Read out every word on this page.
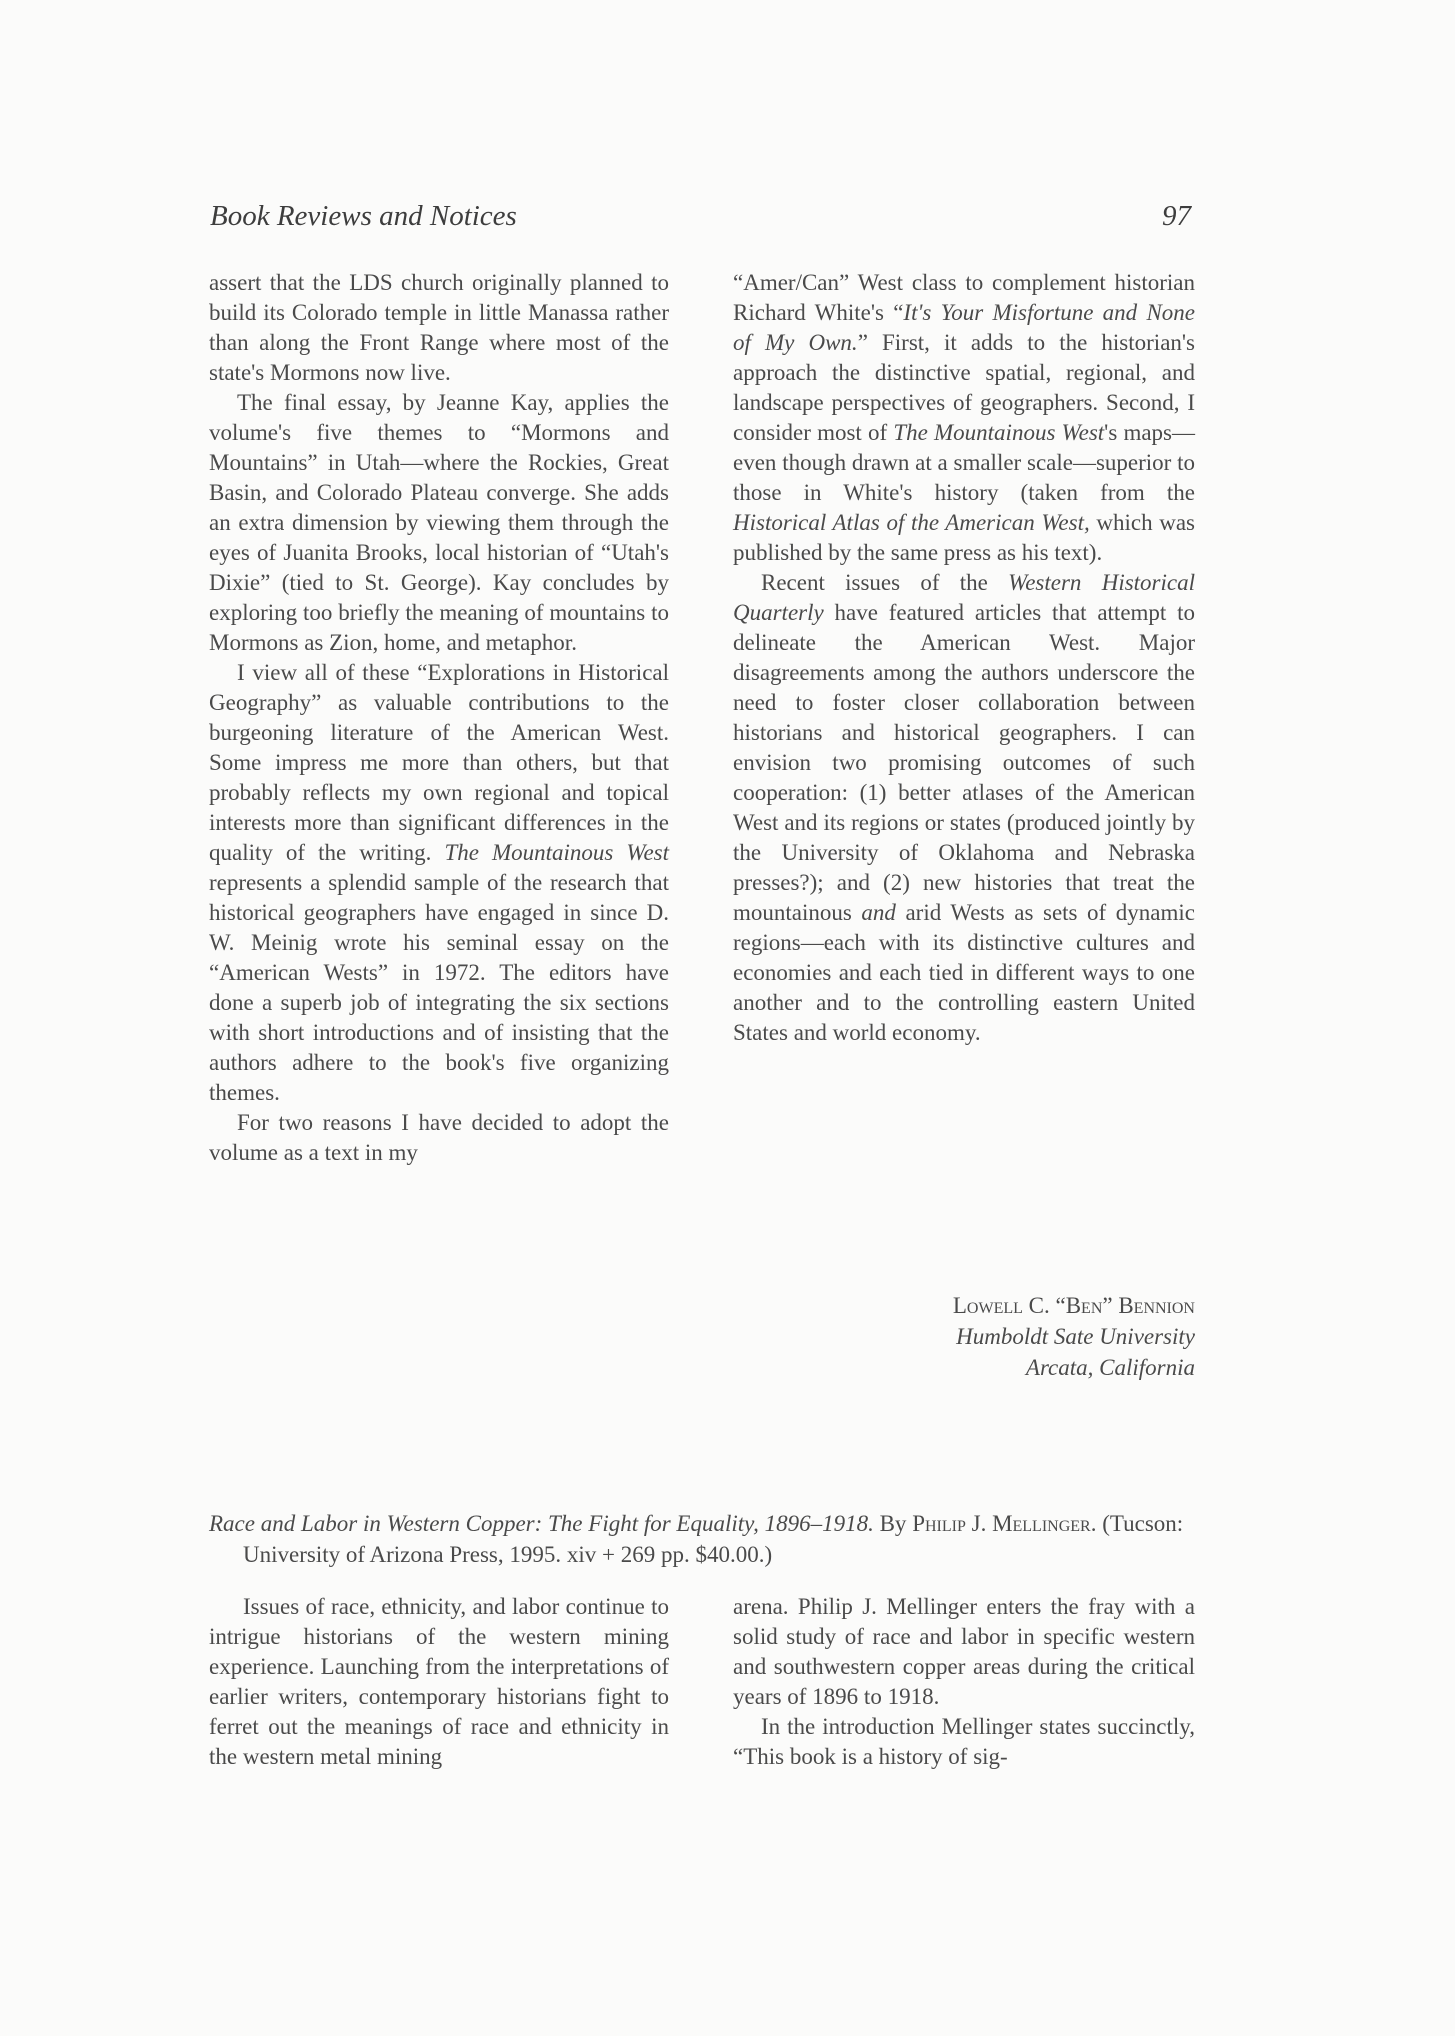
Book Reviews and Notices	97

assert that the LDS church originally planned to build its Colorado temple in little Manassa rather than along the Front Range where most of the state's Mormons now live.

The final essay, by Jeanne Kay, applies the volume's five themes to “Mormons and Mountains” in Utah—where the Rockies, Great Basin, and Colorado Plateau converge. She adds an extra dimension by viewing them through the eyes of Juanita Brooks, local historian of “Utah's Dixie” (tied to St. George). Kay concludes by exploring too briefly the meaning of mountains to Mormons as Zion, home, and metaphor.

I view all of these “Explorations in Historical Geography” as valuable contributions to the burgeoning literature of the American West. Some impress me more than others, but that probably reflects my own regional and topical interests more than significant differences in the quality of the writing. The Mountainous West represents a splendid sample of the research that historical geographers have engaged in since D. W. Meinig wrote his seminal essay on the “American Wests” in 1972. The editors have done a superb job of integrating the six sections with short introductions and of insisting that the authors adhere to the book's five organizing themes.

For two reasons I have decided to adopt the volume as a text in my

“Amer/Can” West class to complement historian Richard White's “It's Your Misfortune and None of My Own.” First, it adds to the historian's approach the distinctive spatial, regional, and landscape perspectives of geographers. Second, I consider most of The Mountainous West's maps—even though drawn at a smaller scale—superior to those in White's history (taken from the Historical Atlas of the American West, which was published by the same press as his text).

Recent issues of the Western Historical Quarterly have featured articles that attempt to delineate the American West. Major disagreements among the authors underscore the need to foster closer collaboration between historians and historical geographers. I can envision two promising outcomes of such cooperation: (1) better atlases of the American West and its regions or states (produced jointly by the University of Oklahoma and Nebraska presses?); and (2) new histories that treat the mountainous and arid Wests as sets of dynamic regions—each with its distinctive cultures and economies and each tied in different ways to one another and to the controlling eastern United States and world economy.

Lowell C. “Ben” Bennion
Humboldt Sate University
Arcata, California
Race and Labor in Western Copper: The Fight for Equality, 1896–1918. By Philip J. Mellinger. (Tucson: University of Arizona Press, 1995. xiv + 269 pp. $40.00.)

Issues of race, ethnicity, and labor continue to intrigue historians of the western mining experience. Launching from the interpretations of earlier writers, contemporary historians fight to ferret out the meanings of race and ethnicity in the western metal mining

arena. Philip J. Mellinger enters the fray with a solid study of race and labor in specific western and southwestern copper areas during the critical years of 1896 to 1918.

In the introduction Mellinger states succinctly, “This book is a history of sig-
